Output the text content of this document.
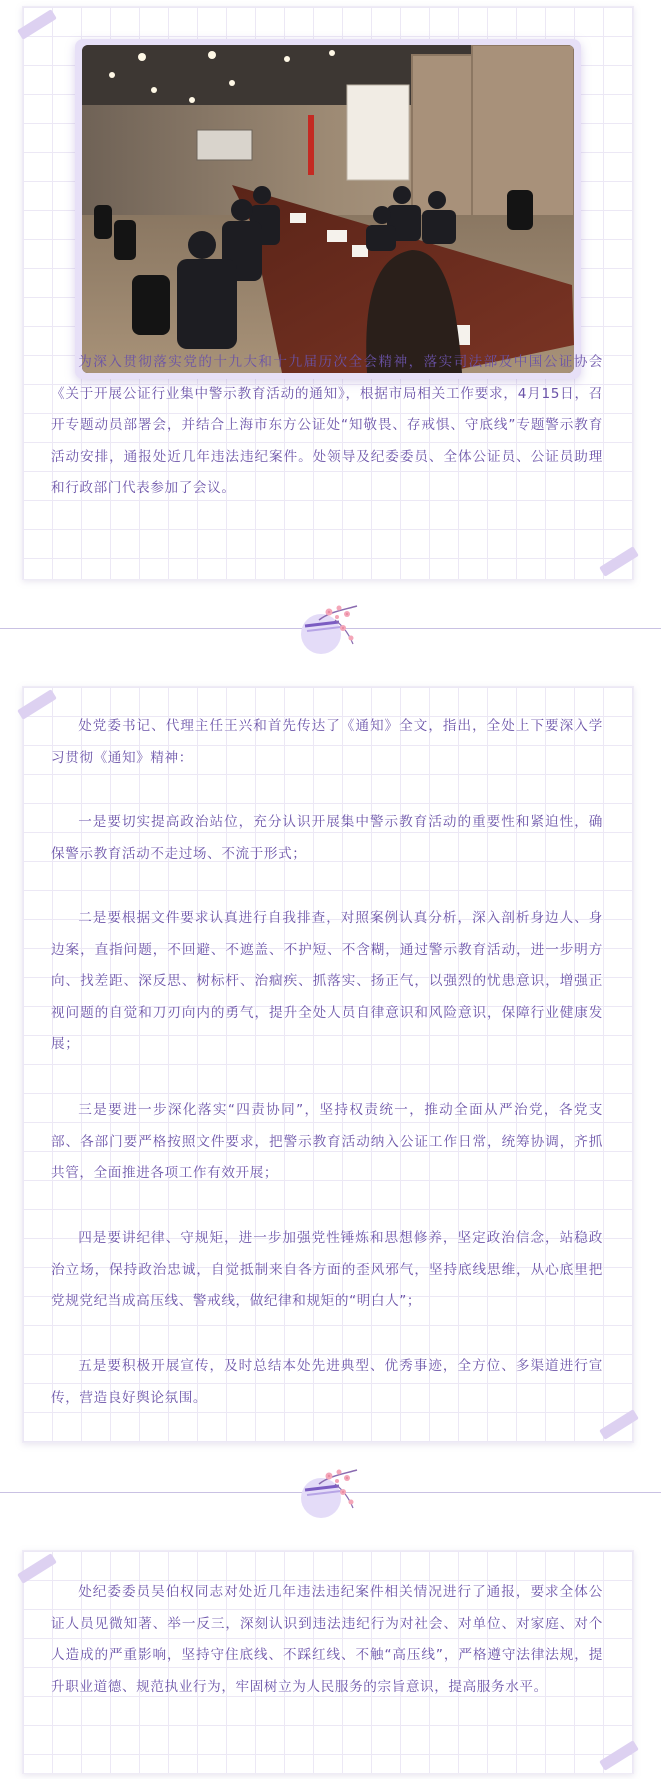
为深入贯彻落实党的十九大和十九届历次全会精神，落实司法部及中国公证协会《关于开展公证行业集中警示教育活动的通知》，根据市局相关工作要求，4月15日，召开专题动员部署会，并结合上海市东方公证处“知敬畏、存戒惧、守底线”专题警示教育活动安排，通报处近几年违法违纪案件。处领导及纪委委员、全体公证员、公证员助理和行政部门代表参加了会议。

处党委书记、代理主任王兴和首先传达了《通知》全文，指出，全处上下要深入学习贯彻《通知》精神：

一是要切实提高政治站位，充分认识开展集中警示教育活动的重要性和紧迫性，确保警示教育活动不走过场、不流于形式；

二是要根据文件要求认真进行自我排查，对照案例认真分析，深入剖析身边人、身边案，直指问题，不回避、不遮盖、不护短、不含糊，通过警示教育活动，进一步明方向、找差距、深反思、树标杆、治痼疾、抓落实、扬正气，以强烈的忧患意识，增强正视问题的自觉和刀刃向内的勇气，提升全处人员自律意识和风险意识，保障行业健康发展；

三是要进一步深化落实“四责协同”，坚持权责统一，推动全面从严治党，各党支部、各部门要严格按照文件要求，把警示教育活动纳入公证工作日常，统筹协调，齐抓共管，全面推进各项工作有效开展；

四是要讲纪律、守规矩，进一步加强党性锤炼和思想修养，坚定政治信念，站稳政治立场，保持政治忠诚，自觉抵制来自各方面的歪风邪气，坚持底线思维，从心底里把党规党纪当成高压线、警戒线，做纪律和规矩的“明白人”；

五是要积极开展宣传，及时总结本处先进典型、优秀事迹，全方位、多渠道进行宣传，营造良好舆论氛围。

处纪委委员吴伯权同志对处近几年违法违纪案件相关情况进行了通报，要求全体公证人员见微知著、举一反三，深刻认识到违法违纪行为对社会、对单位、对家庭、对个人造成的严重影响，坚持守住底线、不踩红线、不触“高压线”，严格遵守法律法规，提升职业道德、规范执业行为，牢固树立为人民服务的宗旨意识，提高服务水平。
